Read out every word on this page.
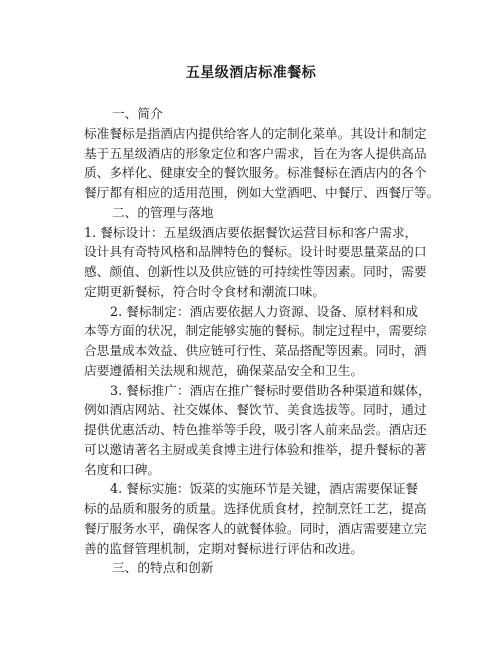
五星级酒店标准餐标
一、简介
标准餐标是指酒店内提供给客人的定制化菜单。其设计和制定
基于五星级酒店的形象定位和客户需求，旨在为客人提供高品
质、多样化、健康安全的餐饮服务。标准餐标在酒店内的各个
餐厅都有相应的适用范围，例如大堂酒吧、中餐厅、西餐厅等。
二、的管理与落地
1. 餐标设计：五星级酒店要依据餐饮运营目标和客户需求，
设计具有奇特风格和品牌特色的餐标。设计时要思量菜品的口
感、颜值、创新性以及供应链的可持续性等因素。同时，需要
定期更新餐标，符合时令食材和潮流口味。
2. 餐标制定：酒店要依据人力资源、设备、原材料和成
本等方面的状况，制定能够实施的餐标。制定过程中，需要综
合思量成本效益、供应链可行性、菜品搭配等因素。同时，酒
店要遵循相关法规和规范，确保菜品安全和卫生。
3. 餐标推广：酒店在推广餐标时要借助各种渠道和媒体，
例如酒店网站、社交媒体、餐饮节、美食选拔等。同时，通过
提供优惠活动、特色推举等手段，吸引客人前来品尝。酒店还
可以邀请著名主厨或美食博主进行体验和推举，提升餐标的著
名度和口碑。
4. 餐标实施：饭菜的实施环节是关键，酒店需要保证餐
标的品质和服务的质量。选择优质食材，控制烹饪工艺，提高
餐厅服务水平，确保客人的就餐体验。同时，酒店需要建立完
善的监督管理机制，定期对餐标进行评估和改进。
三、的特点和创新
